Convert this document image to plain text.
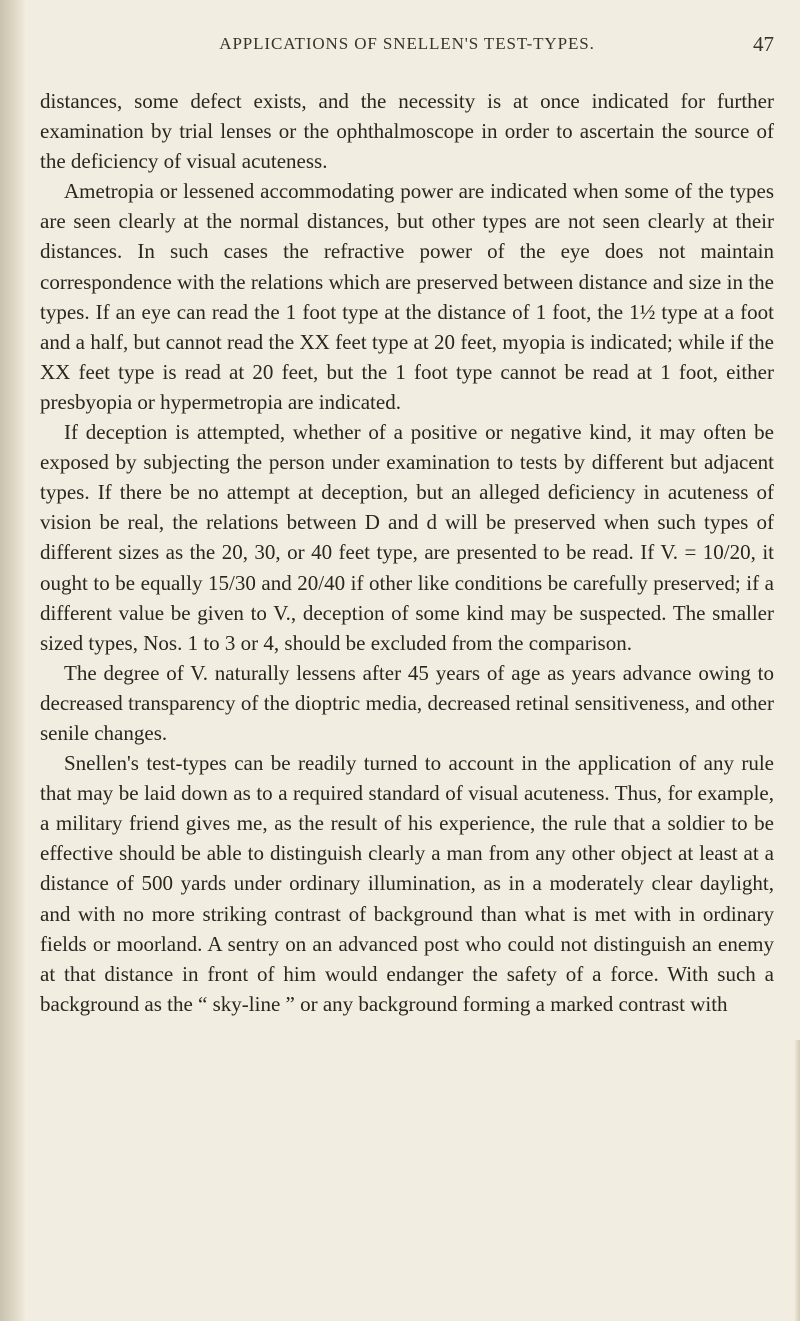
APPLICATIONS OF SNELLEN'S TEST-TYPES.	47

distances, some defect exists, and the necessity is at once indicated for further examination by trial lenses or the ophthalmoscope in order to ascertain the source of the deficiency of visual acuteness.

Ametropia or lessened accommodating power are indicated when some of the types are seen clearly at the normal distances, but other types are not seen clearly at their distances. In such cases the refractive power of the eye does not maintain correspondence with the relations which are preserved between distance and size in the types. If an eye can read the 1 foot type at the distance of 1 foot, the 1½ type at a foot and a half, but cannot read the XX feet type at 20 feet, myopia is indicated; while if the XX feet type is read at 20 feet, but the 1 foot type cannot be read at 1 foot, either presbyopia or hypermetropia are indicated.

If deception is attempted, whether of a positive or negative kind, it may often be exposed by subjecting the person under examination to tests by different but adjacent types. If there be no attempt at deception, but an alleged deficiency in acuteness of vision be real, the relations between D and d will be preserved when such types of different sizes as the 20, 30, or 40 feet type, are presented to be read. If V. = 10/20, it ought to be equally 15/30 and 20/40 if other like conditions be carefully preserved; if a different value be given to V., deception of some kind may be suspected. The smaller sized types, Nos. 1 to 3 or 4, should be excluded from the comparison.

The degree of V. naturally lessens after 45 years of age as years advance owing to decreased transparency of the dioptric media, decreased retinal sensitiveness, and other senile changes.

Snellen's test-types can be readily turned to account in the application of any rule that may be laid down as to a required standard of visual acuteness. Thus, for example, a military friend gives me, as the result of his experience, the rule that a soldier to be effective should be able to distinguish clearly a man from any other object at least at a distance of 500 yards under ordinary illumination, as in a moderately clear daylight, and with no more striking contrast of background than what is met with in ordinary fields or moorland. A sentry on an advanced post who could not distinguish an enemy at that distance in front of him would endanger the safety of a force. With such a background as the “ sky-line ” or any background forming a marked contrast with
